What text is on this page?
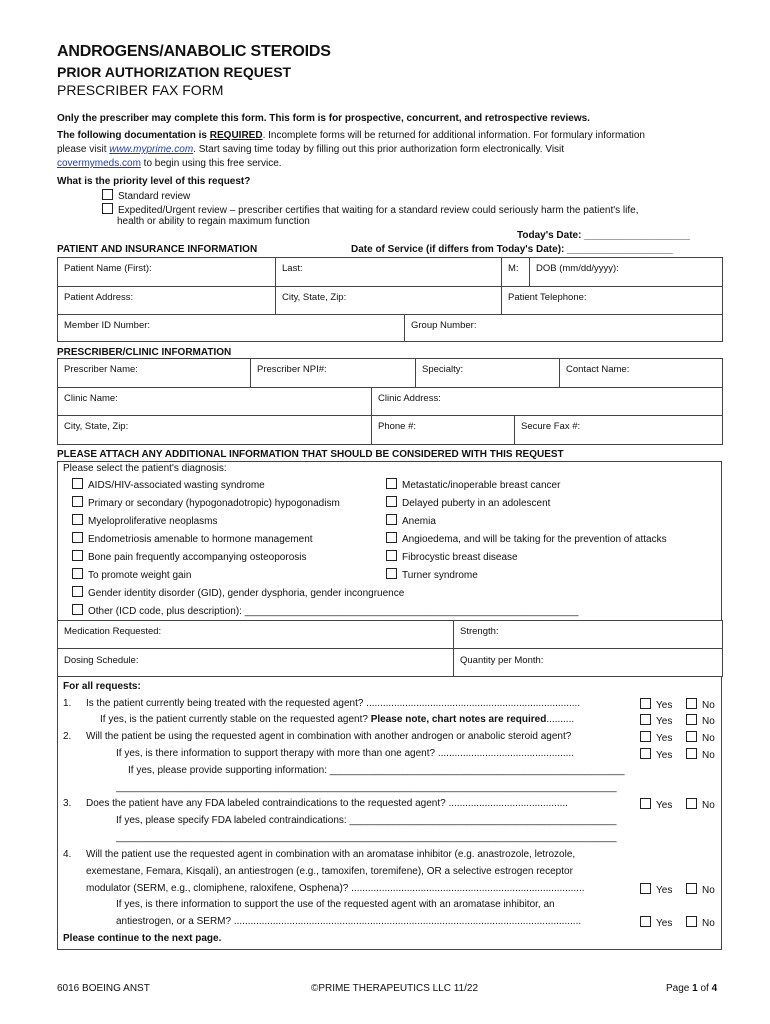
ANDROGENS/ANABOLIC STEROIDS
PRIOR AUTHORIZATION REQUEST
PRESCRIBER FAX FORM
Only the prescriber may complete this form. This form is for prospective, concurrent, and retrospective reviews.
The following documentation is REQUIRED. Incomplete forms will be returned for additional information. For formulary information
please visit www.myprime.com. Start saving time today by filling out this prior authorization form electronically. Visit
covermymeds.com to begin using this free service.
What is the priority level of this request?
Standard review
Expedited/Urgent review – prescriber certifies that waiting for a standard review could seriously harm the patient's life,
health or ability to regain maximum function
Today's Date: ___________________
PATIENT AND INSURANCE INFORMATION	Date of Service (if differs from Today's Date): ___________________
Patient Name (First):	Last:	M:	DOB (mm/dd/yyyy):
Patient Address:	City, State, Zip:	Patient Telephone:
Member ID Number:	Group Number:
PRESCRIBER/CLINIC INFORMATION
Prescriber Name:	Prescriber NPI#:	Specialty:	Contact Name:
Clinic Name:	Clinic Address:
City, State, Zip:	Phone #:	Secure Fax #:
PLEASE ATTACH ANY ADDITIONAL INFORMATION THAT SHOULD BE CONSIDERED WITH THIS REQUEST
Please select the patient's diagnosis:
AIDS/HIV-associated wasting syndrome
Primary or secondary (hypogonadotropic) hypogonadism
Myeloproliferative neoplasms
Endometriosis amenable to hormone management
Bone pain frequently accompanying osteoporosis
To promote weight gain
Metastatic/inoperable breast cancer
Delayed puberty in an adolescent
Anemia
Angioedema, and will be taking for the prevention of attacks
Fibrocystic breast disease
Turner syndrome
Gender identity disorder (GID), gender dysphoria, gender incongruence
Other (ICD code, plus description): ____________________________________________________________
Medication Requested:	Strength:
Dosing Schedule:	Quantity per Month:
For all requests:
1. Is the patient currently being treated with the requested agent? .............................................................................	Yes	No
If yes, is the patient currently stable on the requested agent? Please note, chart notes are required..........	Yes	No
2. Will the patient be using the requested agent in combination with another androgen or anabolic steroid agent?	Yes	No
If yes, is there information to support therapy with more than one agent? .................................................	Yes	No
If yes, please provide supporting information: _____________________________________________________
__________________________________________________________________________________________
3. Does the patient have any FDA labeled contraindications to the requested agent? ...........................................	Yes	No
If yes, please specify FDA labeled contraindications: ________________________________________________
__________________________________________________________________________________________
4. Will the patient use the requested agent in combination with an aromatase inhibitor (e.g. anastrozole, letrozole,
exemestane, Femara, Kisqali), an antiestrogen (e.g., tamoxifen, toremifene), OR a selective estrogen receptor
modulator (SERM, e.g., clomiphene, raloxifene, Osphena)? ....................................................................................	Yes	No
If yes, is there information to support the use of the requested agent with an aromatase inhibitor, an
antiestrogen, or a SERM? .............................................................................................................................	Yes	No
Please continue to the next page.
6016 BOEING ANST	©PRIME THERAPEUTICS LLC 11/22	Page 1 of 4
